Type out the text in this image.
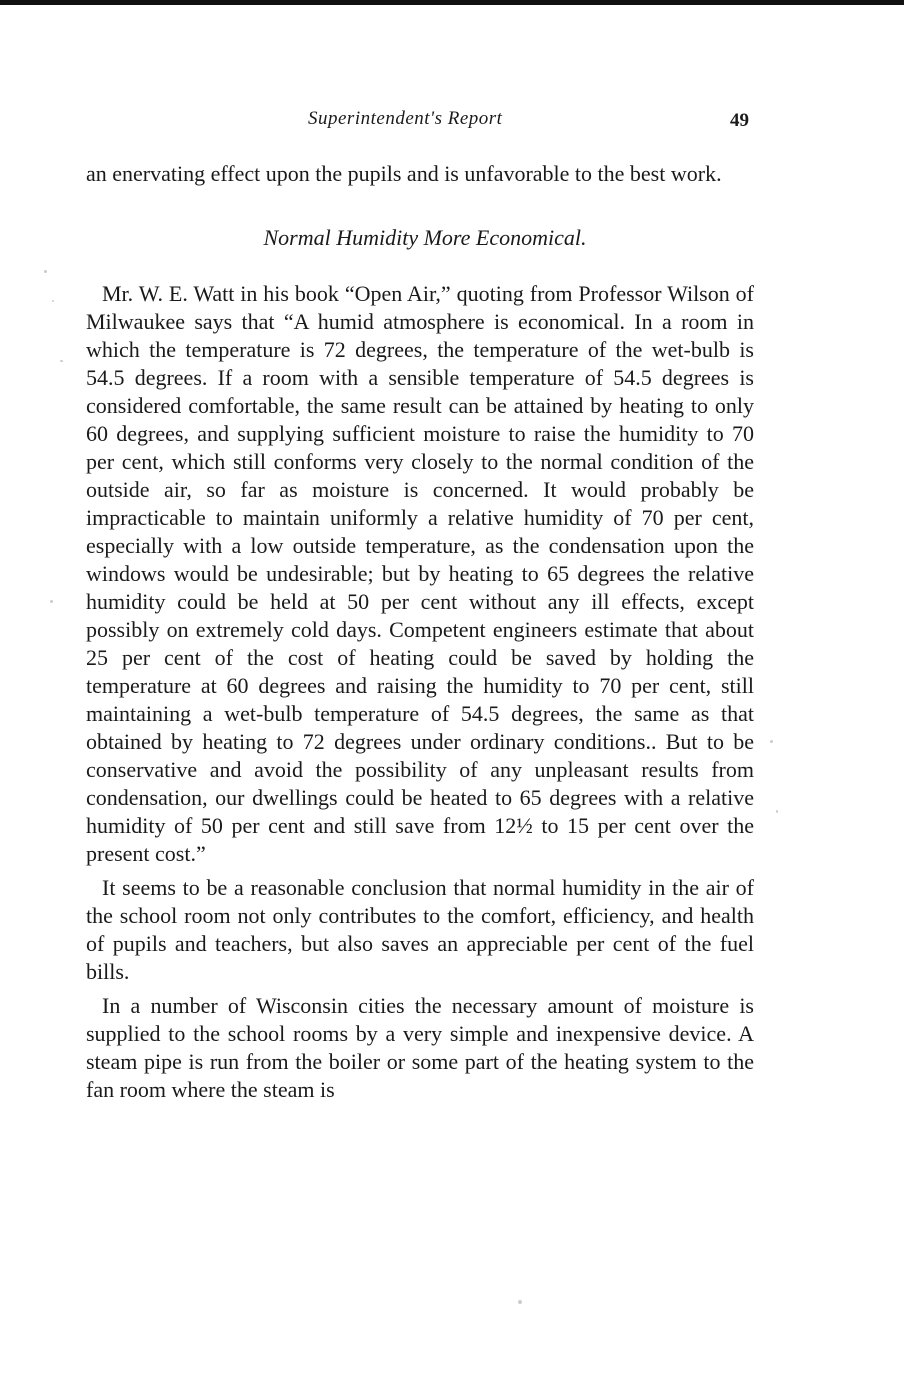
Superintendent's Report	49

an enervating effect upon the pupils and is unfavorable to the best work.

Normal Humidity More Economical.

Mr. W. E. Watt in his book “Open Air,” quoting from Professor Wilson of Milwaukee says that “A humid atmosphere is economical. In a room in which the temperature is 72 degrees, the temperature of the wet-bulb is 54.5 degrees. If a room with a sensible temperature of 54.5 degrees is considered comfortable, the same result can be attained by heating to only 60 degrees, and supplying sufficient moisture to raise the humidity to 70 per cent, which still conforms very closely to the normal condition of the outside air, so far as moisture is concerned. It would probably be impracticable to maintain uniformly a relative humidity of 70 per cent, especially with a low outside temperature, as the condensation upon the windows would be undesirable; but by heating to 65 degrees the relative humidity could be held at 50 per cent without any ill effects, except possibly on extremely cold days. Competent engineers estimate that about 25 per cent of the cost of heating could be saved by holding the temperature at 60 degrees and raising the humidity to 70 per cent, still maintaining a wet-bulb temperature of 54.5 degrees, the same as that obtained by heating to 72 degrees under ordinary conditions.. But to be conservative and avoid the possibility of any unpleasant results from condensation, our dwellings could be heated to 65 degrees with a relative humidity of 50 per cent and still save from 12½ to 15 per cent over the present cost.”

It seems to be a reasonable conclusion that normal humidity in the air of the school room not only contributes to the comfort, efficiency, and health of pupils and teachers, but also saves an appreciable per cent of the fuel bills.

In a number of Wisconsin cities the necessary amount of moisture is supplied to the school rooms by a very simple and inexpensive device. A steam pipe is run from the boiler or some part of the heating system to the fan room where the steam is
